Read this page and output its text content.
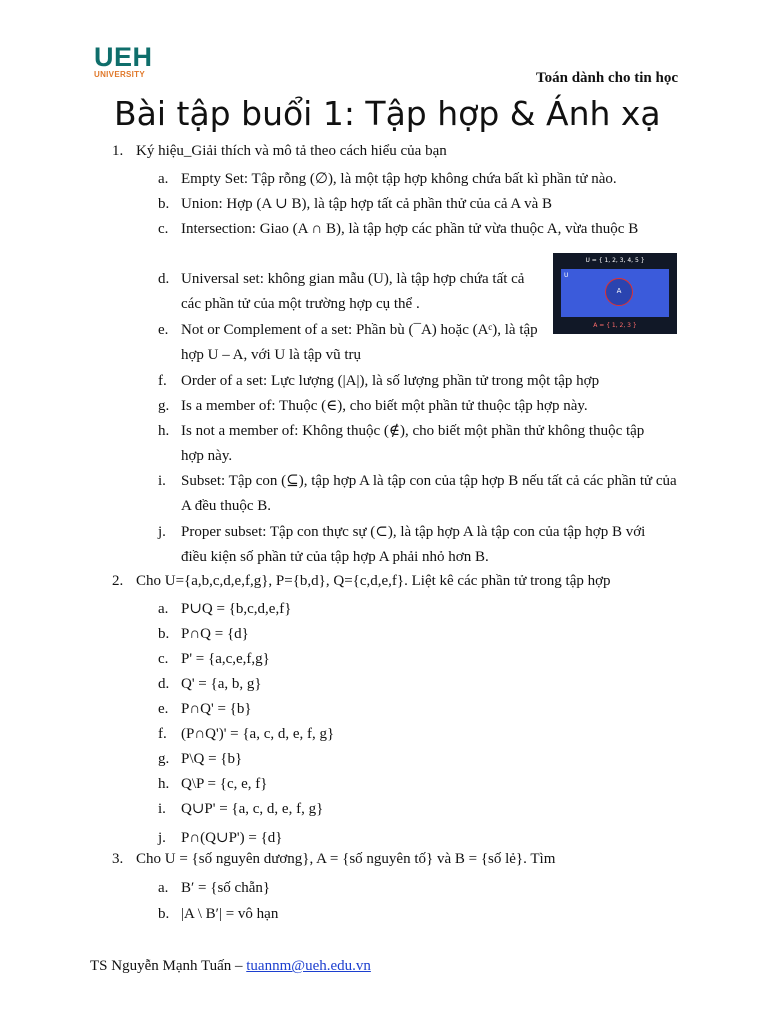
UEH
UNIVERSITY	Toán dành cho tin học
Bài tập buổi 1: Tập hợp & Ánh xạ
1. Ký hiệu_Giải thích và mô tả theo cách hiểu của bạn
a. Empty Set: Tập rỗng (∅), là một tập hợp không chứa bất kì phần tử nào.
b. Union: Hợp (A ∪ B), là tập hợp tất cả phần thử của cả A và B
c. Intersection: Giao (A ∩ B), là tập hợp các phần tử vừa thuộc A, vừa thuộc B
d. Universal set: không gian mẫu (U), là tập hợp chứa tất cả các phần tử của một trường hợp cụ thể .
e. Not or Complement of a set: Phần bù (¯A) hoặc (Aᶜ), là tập hợp U – A, với U là tập vũ trụ
f. Order of a set: Lực lượng (|A|), là số lượng phần tử trong một tập hợp
g. Is a member of: Thuộc (∈), cho biết một phần tử thuộc tập hợp này.
h. Is not a member of: Không thuộc (∉), cho biết một phần thử không thuộc tập hợp này.
i.	Subset: Tập con (⊆), tập hợp A là tập con của tập hợp B nếu tất cả các phần tử của A đều thuộc B.
j.	Proper subset: Tập con thực sự (⊂), là tập hợp A là tập con của tập hợp B với điều kiện số phần tử của tập hợp A phải nhỏ hơn B.
2. Cho U={a,b,c,d,e,f,g}, P={b,d}, Q={c,d,e,f}. Liệt kê các phần tử trong tập hợp
a. P∪Q = {b,c,d,e,f}
b. P∩Q = {d}
c. P' = {a,c,e,f,g}
d. Q' = {a, b, g}
e. P∩Q' = {b}
f. (P∩Q')' = {a, c, d, e, f, g}
g. P\Q = {b}
h. Q\P = {c, e, f}
i.	Q∪P' = {a, c, d, e, f, g}
j.	P∩(Q∪P') = {d}
3. Cho U = {số nguyên dương}, A = {số nguyên tố} và B = {số lẻ}. Tìm
a. B′ = {số chẵn}
b. |A \ B′| = vô hạn
U = { 1, 2, 3, 4, 5 }
U
A
A = { 1, 2, 3 }
TS Nguyễn Mạnh Tuấn – tuannm@ueh.edu.vn
